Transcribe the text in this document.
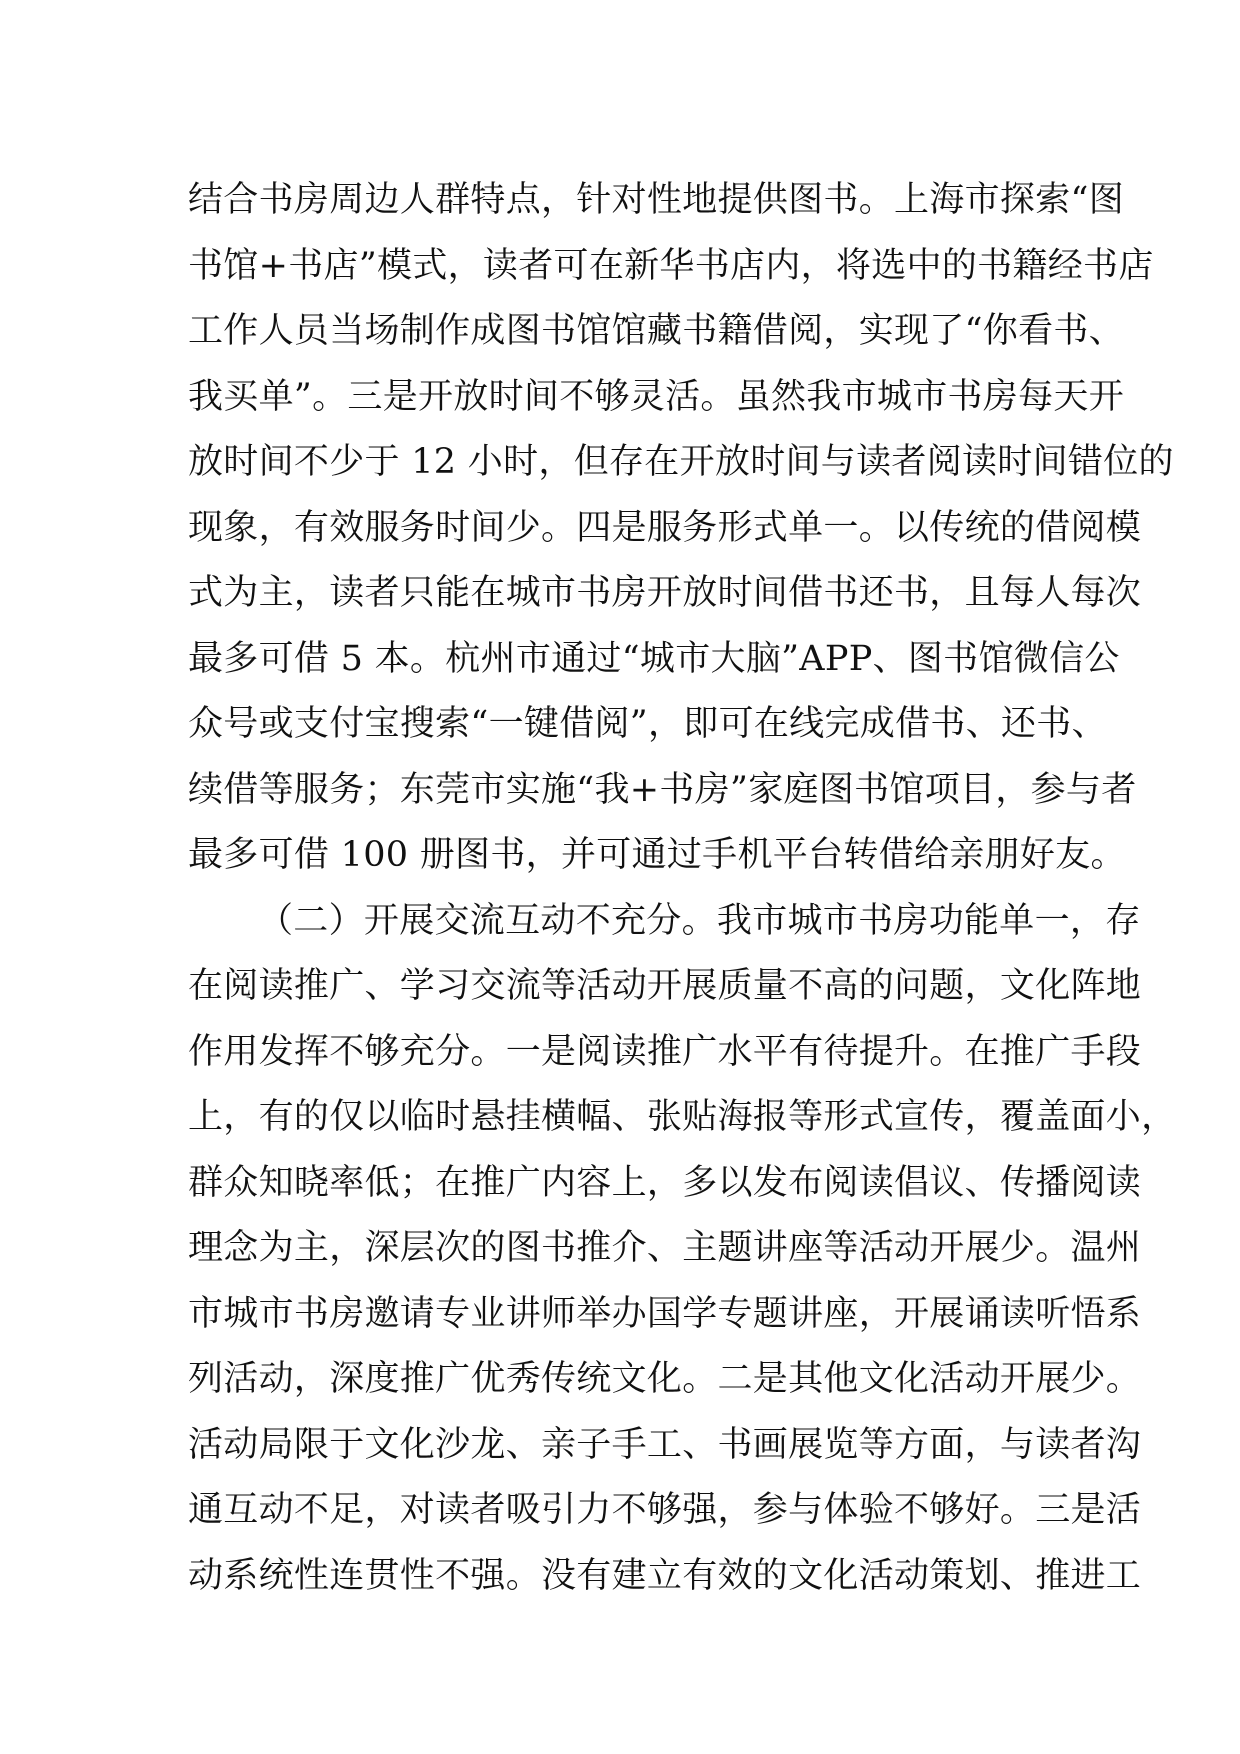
结合书房周边人群特点，针对性地提供图书。上海市探索“图
书馆+书店”模式，读者可在新华书店内，将选中的书籍经书店
工作人员当场制作成图书馆馆藏书籍借阅，实现了“你看书、
我买单”。三是开放时间不够灵活。虽然我市城市书房每天开
放时间不少于 12 小时，但存在开放时间与读者阅读时间错位的
现象，有效服务时间少。四是服务形式单一。以传统的借阅模
式为主，读者只能在城市书房开放时间借书还书，且每人每次
最多可借 5 本。杭州市通过“城市大脑”APP、图书馆微信公
众号或支付宝搜索“一键借阅”，即可在线完成借书、还书、
续借等服务；东莞市实施“我+书房”家庭图书馆项目，参与者
最多可借 100 册图书，并可通过手机平台转借给亲朋好友。
（二）开展交流互动不充分。我市城市书房功能单一，存
在阅读推广、学习交流等活动开展质量不高的问题，文化阵地
作用发挥不够充分。一是阅读推广水平有待提升。在推广手段
上，有的仅以临时悬挂横幅、张贴海报等形式宣传，覆盖面小，
群众知晓率低；在推广内容上，多以发布阅读倡议、传播阅读
理念为主，深层次的图书推介、主题讲座等活动开展少。温州
市城市书房邀请专业讲师举办国学专题讲座，开展诵读听悟系
列活动，深度推广优秀传统文化。二是其他文化活动开展少。
活动局限于文化沙龙、亲子手工、书画展览等方面，与读者沟
通互动不足，对读者吸引力不够强，参与体验不够好。三是活
动系统性连贯性不强。没有建立有效的文化活动策划、推进工
